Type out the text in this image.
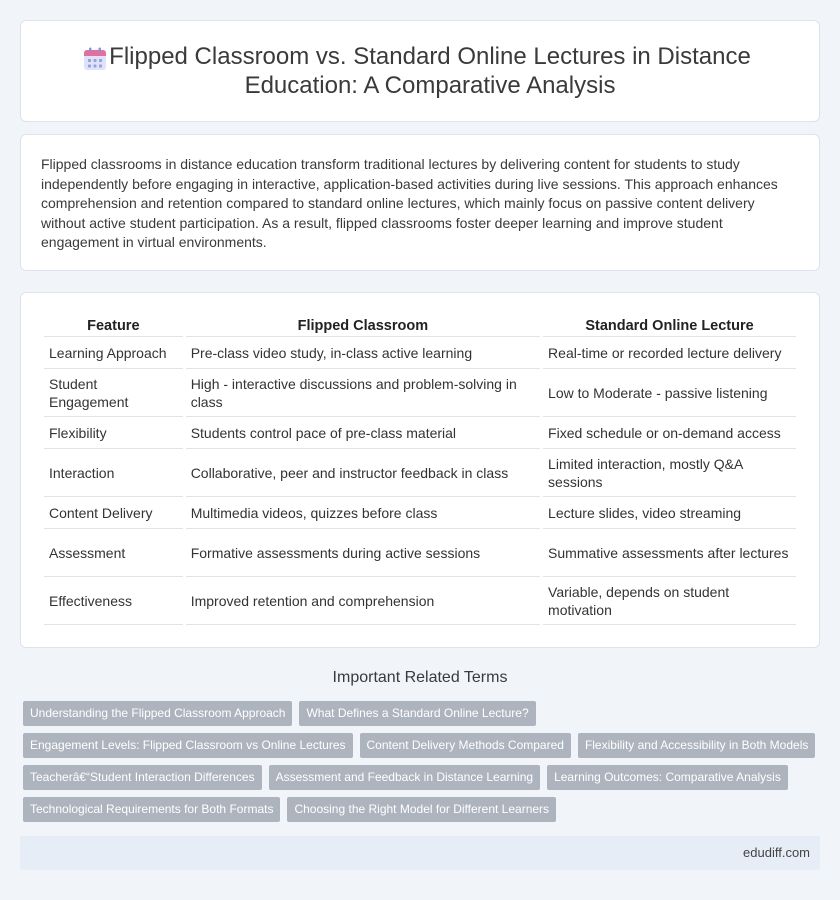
Flipped Classroom vs. Standard Online Lectures in Distance Education: A Comparative Analysis

Flipped classrooms in distance education transform traditional lectures by delivering content for students to study independently before engaging in interactive, application-based activities during live sessions. This approach enhances comprehension and retention compared to standard online lectures, which mainly focus on passive content delivery without active student participation. As a result, flipped classrooms foster deeper learning and improve student engagement in virtual environments.

Feature	Flipped Classroom	Standard Online Lecture
Learning Approach	Pre-class video study, in-class active learning	Real-time or recorded lecture delivery
Student Engagement	High - interactive discussions and problem-solving in class	Low to Moderate - passive listening
Flexibility	Students control pace of pre-class material	Fixed schedule or on-demand access
Interaction	Collaborative, peer and instructor feedback in class	Limited interaction, mostly Q&A sessions
Content Delivery	Multimedia videos, quizzes before class	Lecture slides, video streaming
Assessment	Formative assessments during active sessions	Summative assessments after lectures
Effectiveness	Improved retention and comprehension	Variable, depends on student motivation
Important Related Terms
Understanding the Flipped Classroom Approach	What Defines a Standard Online Lecture?
Engagement Levels: Flipped Classroom vs Online Lectures	Content Delivery Methods Compared	Flexibility and Accessibility in Both Models
Teacherâ€“Student Interaction Differences	Assessment and Feedback in Distance Learning	Learning Outcomes: Comparative Analysis
Technological Requirements for Both Formats	Choosing the Right Model for Different Learners
edudiff.com
